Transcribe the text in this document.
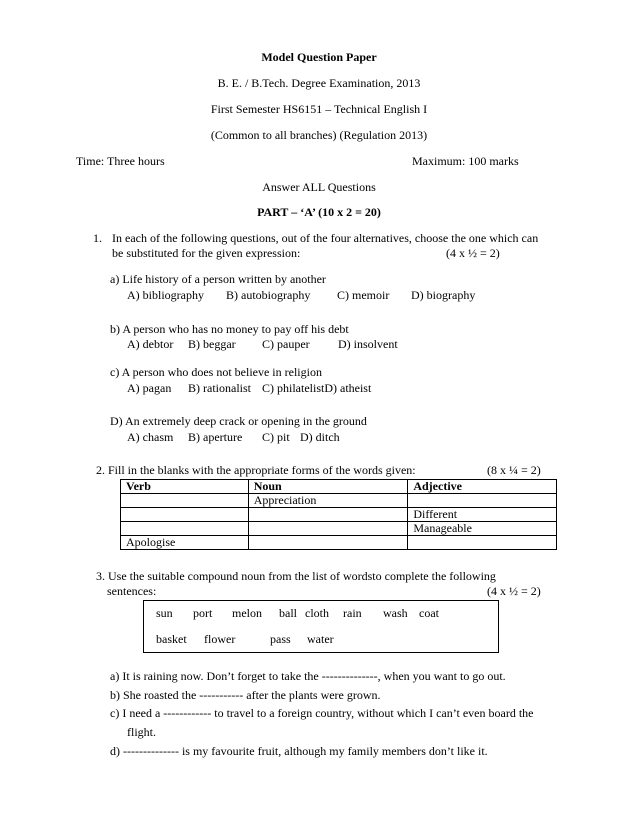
Model Question Paper
B. E. / B.Tech. Degree Examination, 2013
First Semester HS6151 – Technical English I
(Common to all branches) (Regulation 2013)
Time: Three hours	Maximum: 100 marks
Answer ALL Questions
PART – ‘A’ (10 x 2 = 20)
1. In each of the following questions, out of the four alternatives, choose the one which can
be substituted for the given expression:	(4 x ½ = 2)
a) Life history of a person written by another
A) bibliography B) autobiography C) memoir D) biography
b) A person who has no money to pay off his debt
A) debtor B) beggar C) pauper D) insolvent
c) A person who does not believe in religion
A) pagan B) rationalist C) philatelistD) atheist
D) An extremely deep crack or opening in the ground
A) chasm B) aperture C) pit D) ditch
2. Fill in the blanks with the appropriate forms of the words given:	(8 x ¼ = 2)
Verb	Noun	Adjective
	Appreciation	
		Different
		Manageable
Apologise		
3. Use the suitable compound noun from the list of wordsto complete the following
sentences:	(4 x ½ = 2)
sun port melon ball cloth rain wash coat
basket flower	pass water
a) It is raining now. Don’t forget to take the --------------, when you want to go out.
b) She roasted the ----------- after the plants were grown.
c) I need a ------------ to travel to a foreign country, without which I can’t even board the
flight.
d) -------------- is my favourite fruit, although my family members don’t like it.
